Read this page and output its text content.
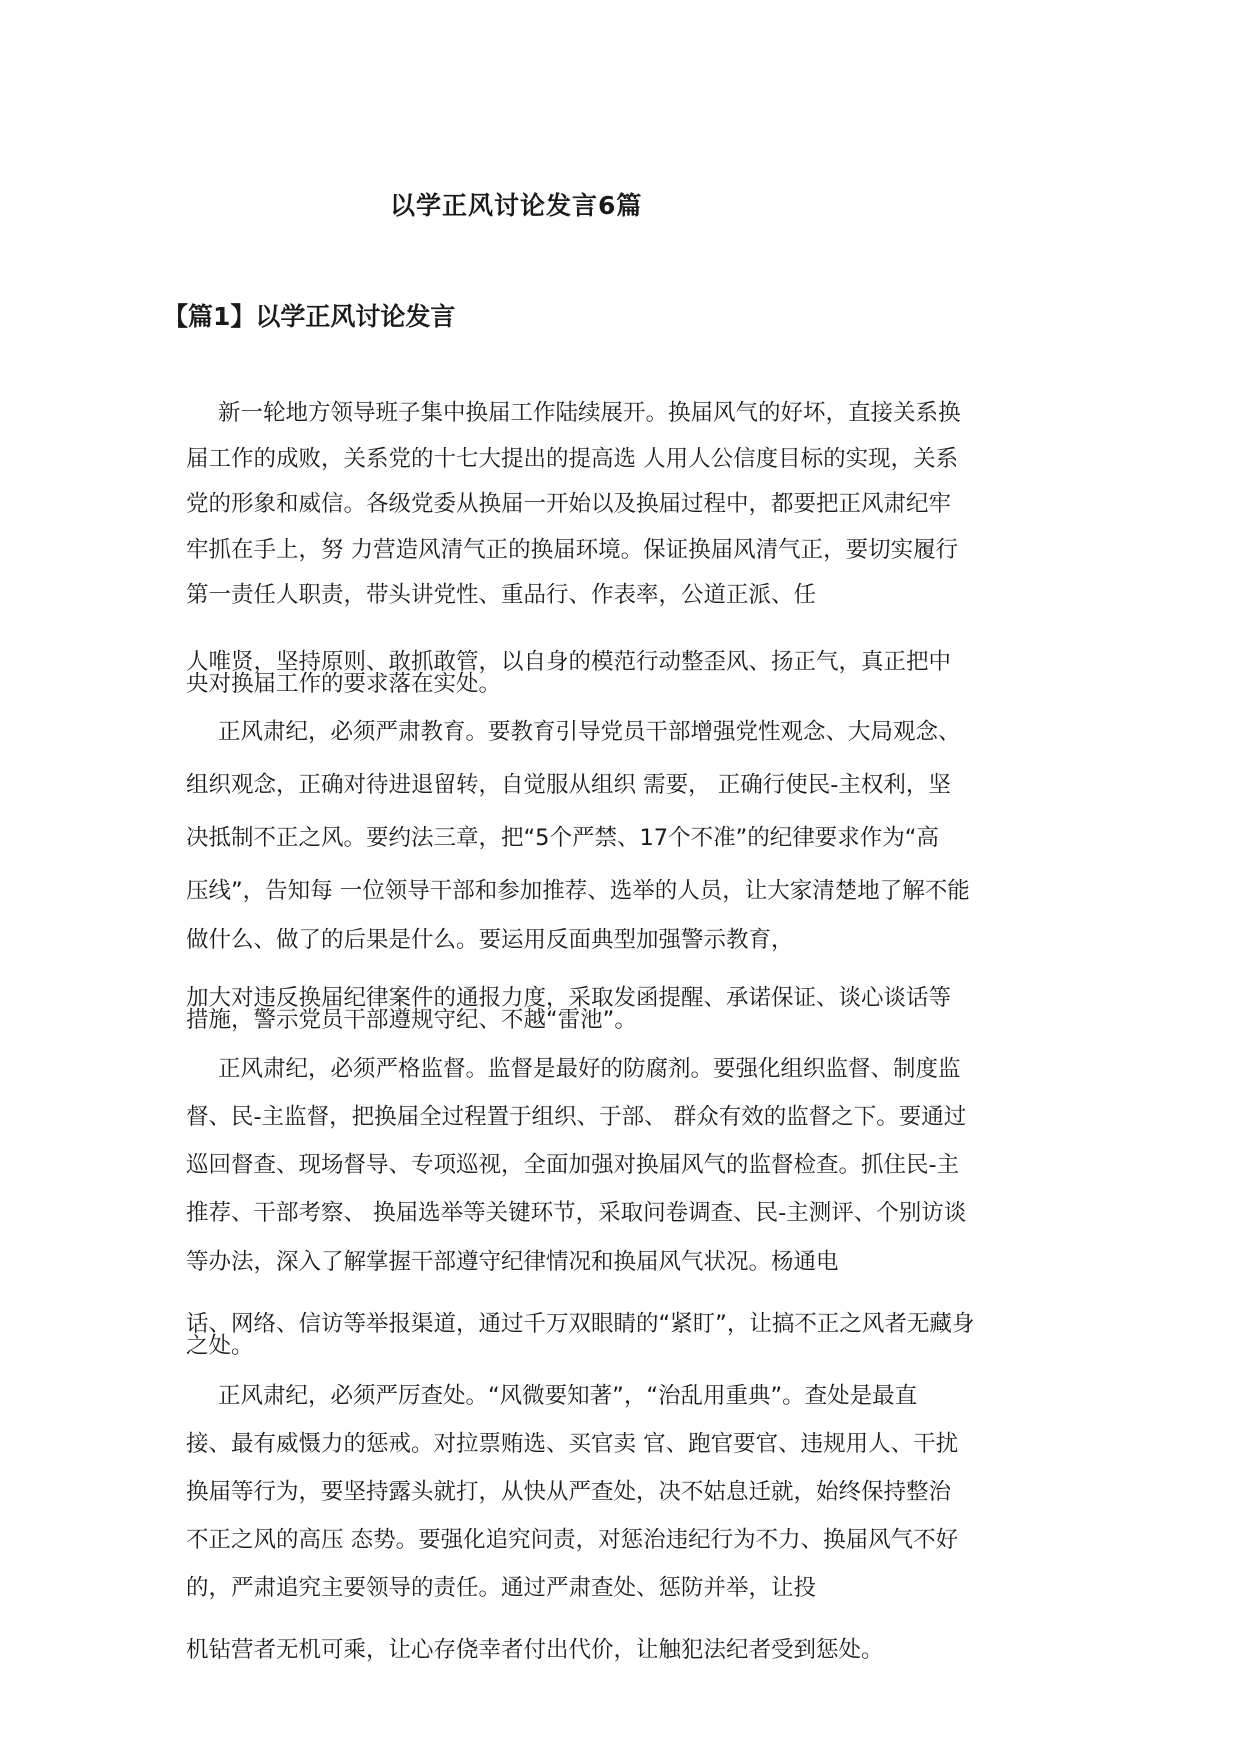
以学正风讨论发言6篇
【篇1】以学正风讨论发言

新一轮地方领导班子集中换届工作陆续展开。换届风气的好坏，直接关系换

届工作的成败，关系党的十七大提出的提高选 人用人公信度目标的实现，关系

党的形象和威信。各级党委从换届一开始以及换届过程中，都要把正风肃纪牢

牢抓在手上，努 力营造风清气正的换届环境。保证换届风清气正，要切实履行

第一责任人职责，带头讲党性、重品行、作表率，公道正派、任

人唯贤，坚持原则、敢抓敢管，以自身的模范行动整歪风、扬正气，真正把中

央对换届工作的要求落在实处。

正风肃纪，必须严肃教育。要教育引导党员干部增强党性观念、大局观念、

组织观念，正确对待进退留转，自觉服从组织 需要， 正确行使民-主权利，坚

决抵制不正之风。要约法三章，把“5个严禁、17个不准”的纪律要求作为“高

压线”，告知每 一位领导干部和参加推荐、选举的人员，让大家清楚地了解不能

做什么、做了的后果是什么。要运用反面典型加强警示教育，

加大对违反换届纪律案件的通报力度，采取发函提醒、承诺保证、谈心谈话等

措施，警示党员干部遵规守纪、不越“雷池”。

正风肃纪，必须严格监督。监督是最好的防腐剂。要强化组织监督、制度监

督、民-主监督，把换届全过程置于组织、于部、 群众有效的监督之下。要通过

巡回督查、现场督导、专项巡视，全面加强对换届风气的监督检查。抓住民-主

推荐、干部考察、 换届选举等关键环节，采取问卷调查、民-主测评、个别访谈

等办法，深入了解掌握干部遵守纪律情况和换届风气状况。杨通电

话、网络、信访等举报渠道，通过千万双眼睛的“紧盯”，让搞不正之风者无藏身

之处。

正风肃纪，必须严厉查处。“风微要知著”，“治乱用重典”。查处是最直

接、最有威慑力的惩戒。对拉票贿选、买官卖 官、跑官要官、违规用人、干扰

换届等行为，要坚持露头就打，从快从严查处，决不姑息迁就，始终保持整治

不正之风的高压 态势。要强化追究问责，对惩治违纪行为不力、换届风气不好

的，严肃追究主要领导的责任。通过严肃查处、惩防并举，让投

机钻营者无机可乘，让心存侥幸者付出代价，让触犯法纪者受到惩处。
